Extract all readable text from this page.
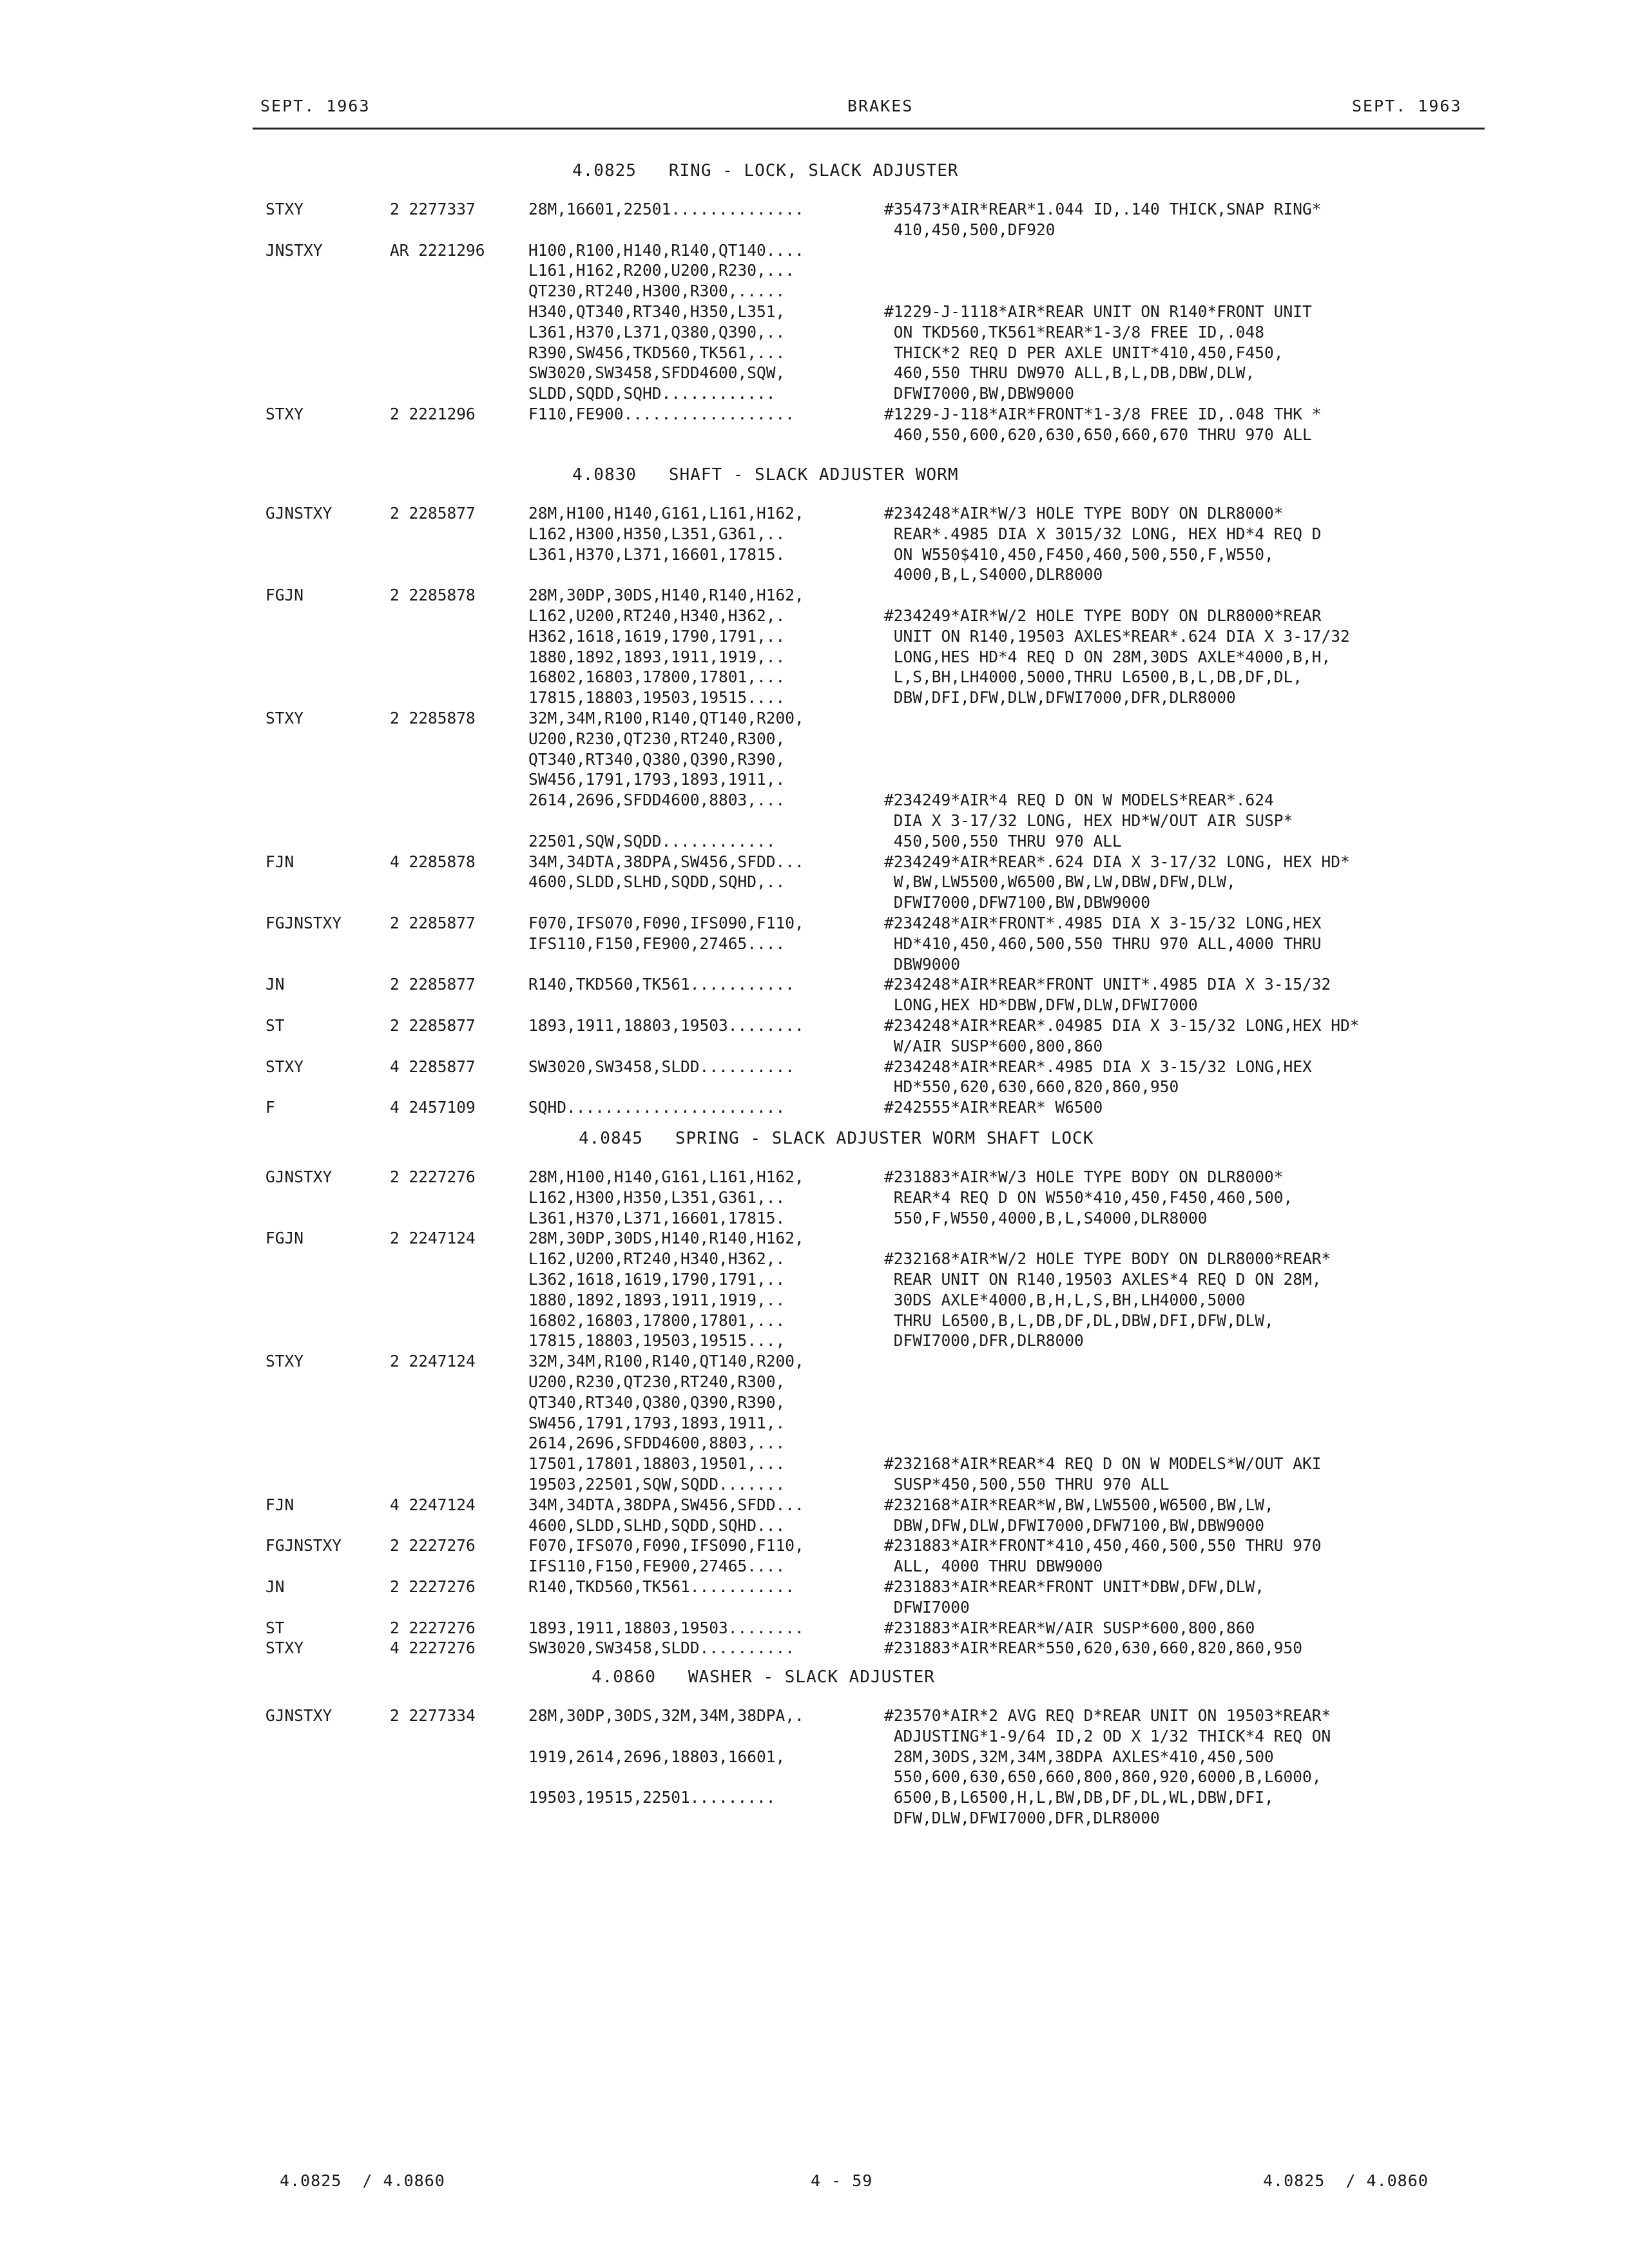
SEPT. 1963	BRAKES	SEPT. 1963
4.0825   RING - LOCK, SLACK ADJUSTER
STXY	2 2277337	28M,16601,22501..............	#35473*AIR*REAR*1.044 ID,.140 THICK,SNAP RING*
410,450,500,DF920
JNSTXY	AR 2221296	H100,R100,H140,R140,QT140....
L161,H162,R200,U200,R230,...
QT230,RT240,H300,R300,.....
H340,QT340,RT340,H350,L351,	#1229-J-1118*AIR*REAR UNIT ON R140*FRONT UNIT
L361,H370,L371,Q380,Q390,..	ON TKD560,TK561*REAR*1-3/8 FREE ID,.048
R390,SW456,TKD560,TK561,...	THICK*2 REQ D PER AXLE UNIT*410,450,F450,
SW3020,SW3458,SFDD4600,SQW,	460,550 THRU DW970 ALL,B,L,DB,DBW,DLW,
SLDD,SQDD,SQHD............	DFWI7000,BW,DBW9000
STXY	2 2221296	F110,FE900..................	#1229-J-118*AIR*FRONT*1-3/8 FREE ID,.048 THK *
460,550,600,620,630,650,660,670 THRU 970 ALL
4.0830   SHAFT - SLACK ADJUSTER WORM
GJNSTXY	2 2285877	28M,H100,H140,G161,L161,H162,	#234248*AIR*W/3 HOLE TYPE BODY ON DLR8000*
L162,H300,H350,L351,G361,..	REAR*.4985 DIA X 3015/32 LONG, HEX HD*4 REQ D
L361,H370,L371,16601,17815.	ON W550$410,450,F450,460,500,550,F,W550,
4000,B,L,S4000,DLR8000
FGJN	2 2285878	28M,30DP,30DS,H140,R140,H162,
L162,U200,RT240,H340,H362,.	#234249*AIR*W/2 HOLE TYPE BODY ON DLR8000*REAR
H362,1618,1619,1790,1791,..	UNIT ON R140,19503 AXLES*REAR*.624 DIA X 3-17/32
1880,1892,1893,1911,1919,..	LONG,HES HD*4 REQ D ON 28M,30DS AXLE*4000,B,H,
16802,16803,17800,17801,...	L,S,BH,LH4000,5000,THRU L6500,B,L,DB,DF,DL,
17815,18803,19503,19515....	DBW,DFI,DFW,DLW,DFWI7000,DFR,DLR8000
STXY	2 2285878	32M,34M,R100,R140,QT140,R200,
U200,R230,QT230,RT240,R300,
QT340,RT340,Q380,Q390,R390,
SW456,1791,1793,1893,1911,.
2614,2696,SFDD4600,8803,...	#234249*AIR*4 REQ D ON W MODELS*REAR*.624
DIA X 3-17/32 LONG, HEX HD*W/OUT AIR SUSP*
22501,SQW,SQDD............	450,500,550 THRU 970 ALL
FJN	4 2285878	34M,34DTA,38DPA,SW456,SFDD...	#234249*AIR*REAR*.624 DIA X 3-17/32 LONG, HEX HD*
4600,SLDD,SLHD,SQDD,SQHD,..	W,BW,LW5500,W6500,BW,LW,DBW,DFW,DLW,
DFWI7000,DFW7100,BW,DBW9000
FGJNSTXY	2 2285877	F070,IFS070,F090,IFS090,F110,	#234248*AIR*FRONT*.4985 DIA X 3-15/32 LONG,HEX
IFS110,F150,FE900,27465....	HD*410,450,460,500,550 THRU 970 ALL,4000 THRU
DBW9000
JN	2 2285877	R140,TKD560,TK561...........	#234248*AIR*REAR*FRONT UNIT*.4985 DIA X 3-15/32
LONG,HEX HD*DBW,DFW,DLW,DFWI7000
ST	2 2285877	1893,1911,18803,19503........	#234248*AIR*REAR*.04985 DIA X 3-15/32 LONG,HEX HD*
W/AIR SUSP*600,800,860
STXY	4 2285877	SW3020,SW3458,SLDD..........	#234248*AIR*REAR*.4985 DIA X 3-15/32 LONG,HEX
HD*550,620,630,660,820,860,950
F	4 2457109	SQHD.......................	#242555*AIR*REAR* W6500
4.0845   SPRING - SLACK ADJUSTER WORM SHAFT LOCK
GJNSTXY	2 2227276	28M,H100,H140,G161,L161,H162,	#231883*AIR*W/3 HOLE TYPE BODY ON DLR8000*
L162,H300,H350,L351,G361,..	REAR*4 REQ D ON W550*410,450,F450,460,500,
L361,H370,L371,16601,17815.	550,F,W550,4000,B,L,S4000,DLR8000
FGJN	2 2247124	28M,30DP,30DS,H140,R140,H162,
L162,U200,RT240,H340,H362,.	#232168*AIR*W/2 HOLE TYPE BODY ON DLR8000*REAR*
L362,1618,1619,1790,1791,..	REAR UNIT ON R140,19503 AXLES*4 REQ D ON 28M,
1880,1892,1893,1911,1919,..	30DS AXLE*4000,B,H,L,S,BH,LH4000,5000
16802,16803,17800,17801,...	THRU L6500,B,L,DB,DF,DL,DBW,DFI,DFW,DLW,
17815,18803,19503,19515...,	DFWI7000,DFR,DLR8000
STXY	2 2247124	32M,34M,R100,R140,QT140,R200,
U200,R230,QT230,RT240,R300,
QT340,RT340,Q380,Q390,R390,
SW456,1791,1793,1893,1911,.
2614,2696,SFDD4600,8803,...
17501,17801,18803,19501,...	#232168*AIR*REAR*4 REQ D ON W MODELS*W/OUT AKI
19503,22501,SQW,SQDD.......	SUSP*450,500,550 THRU 970 ALL
FJN	4 2247124	34M,34DTA,38DPA,SW456,SFDD...	#232168*AIR*REAR*W,BW,LW5500,W6500,BW,LW,
4600,SLDD,SLHD,SQDD,SQHD...	DBW,DFW,DLW,DFWI7000,DFW7100,BW,DBW9000
FGJNSTXY	2 2227276	F070,IFS070,F090,IFS090,F110,	#231883*AIR*FRONT*410,450,460,500,550 THRU 970
IFS110,F150,FE900,27465....	ALL, 4000 THRU DBW9000
JN	2 2227276	R140,TKD560,TK561...........	#231883*AIR*REAR*FRONT UNIT*DBW,DFW,DLW,
DFWI7000
ST	2 2227276	1893,1911,18803,19503........	#231883*AIR*REAR*W/AIR SUSP*600,800,860
STXY	4 2227276	SW3020,SW3458,SLDD..........	#231883*AIR*REAR*550,620,630,660,820,860,950
4.0860   WASHER - SLACK ADJUSTER
GJNSTXY	2 2277334	28M,30DP,30DS,32M,34M,38DPA,.	#23570*AIR*2 AVG REQ D*REAR UNIT ON 19503*REAR*
ADJUSTING*1-9/64 ID,2 OD X 1/32 THICK*4 REQ ON
1919,2614,2696,18803,16601,	28M,30DS,32M,34M,38DPA AXLES*410,450,500
550,600,630,650,660,800,860,920,6000,B,L6000,
19503,19515,22501.........	6500,B,L6500,H,L,BW,DB,DF,DL,WL,DBW,DFI,
DFW,DLW,DFWI7000,DFR,DLR8000
4.0825  / 4.0860	4 - 59	4.0825  / 4.0860
